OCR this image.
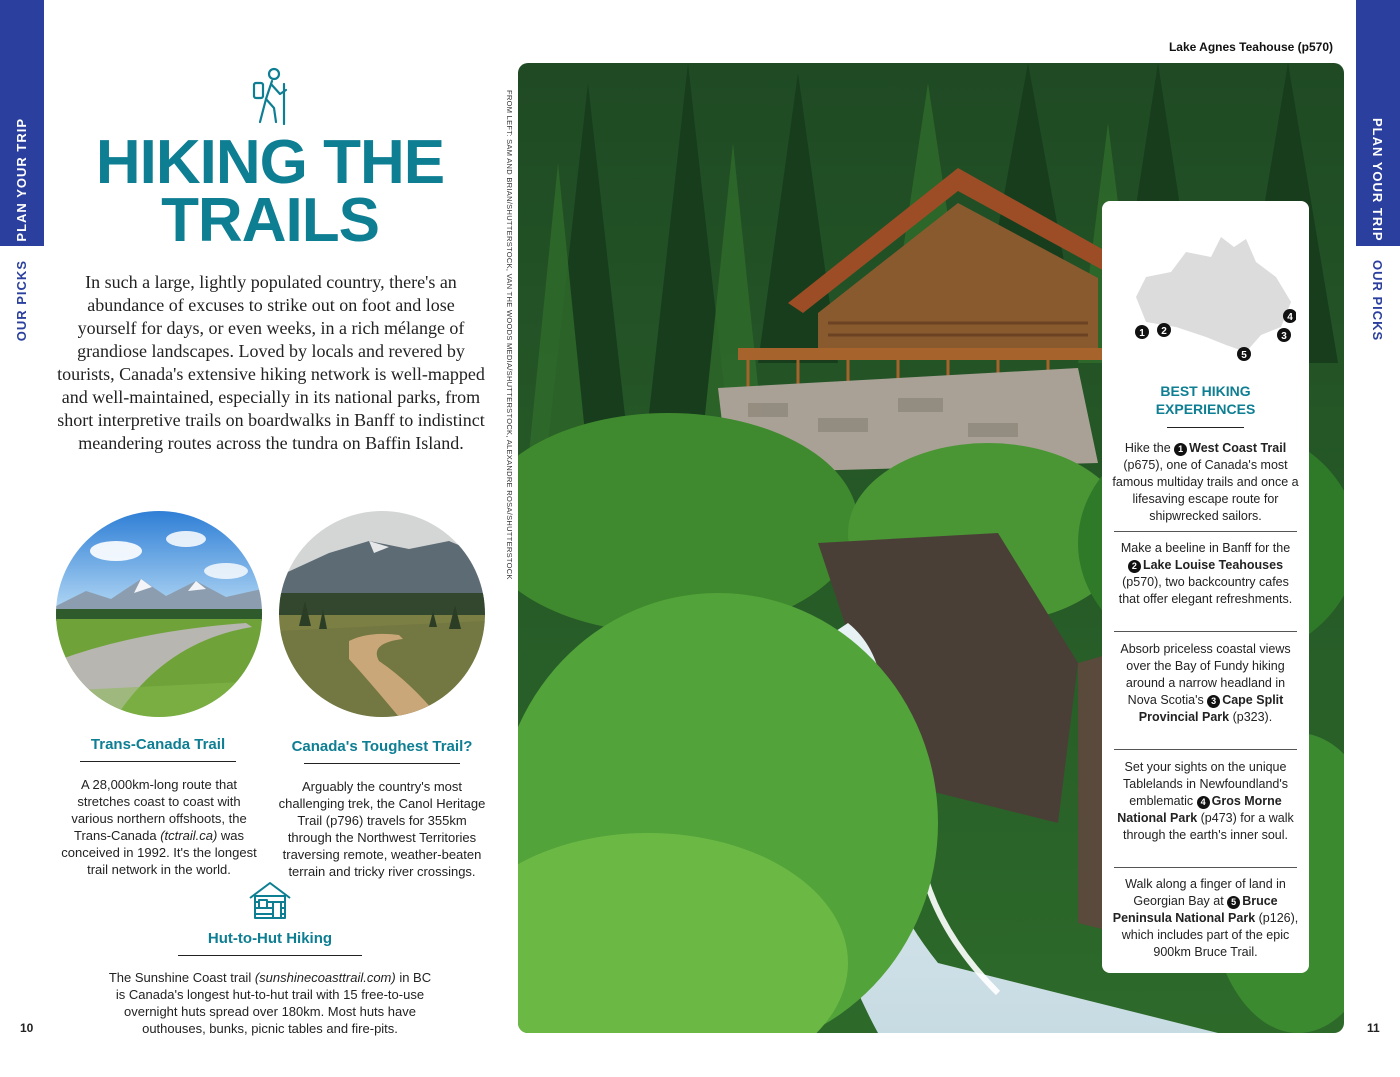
PLAN YOUR TRIP
OUR PICKS
PLAN YOUR TRIP
OUR PICKS
HIKING THE
TRAILS

In such a large, lightly populated country, there's an abundance of excuses to strike out on foot and lose yourself for days, or even weeks, in a rich mélange of grandiose landscapes. Loved by locals and revered by tourists, Canada's extensive hiking network is well-mapped and well-maintained, especially in its national parks, from short interpretive trails on boardwalks in Banff to indistinct meandering routes across the tundra on Baffin Island.

Trans-Canada Trail

A 28,000km-long route that stretches coast to coast with various northern offshoots, the Trans-Canada (tctrail.ca) was conceived in 1992. It's the longest trail network in the world.

Canada's Toughest Trail?

Arguably the country's most challenging trek, the Canol Heritage Trail (p796) travels for 355km through the Northwest Territories traversing remote, weather-beaten terrain and tricky river crossings.

Hut-to-Hut Hiking

The Sunshine Coast trail (sunshinecoasttrail.com) in BC is Canada's longest hut-to-hut trail with 15 free-to-use overnight huts spread over 180km. Most huts have outhouses, bunks, picnic tables and fire-pits.

10	11
FROM LEFT: SAM AND BRIAN/SHUTTERSTOCK, VAN THE WOODS MEDIA/SHUTTERSTOCK, ALEXANDRE ROSA/SHUTTERSTOCK
Lake Agnes Teahouse (p570)
1 2	3
4
5
BEST HIKING
EXPERIENCES

Hike the 1 West Coast Trail (p675), one of Canada's most famous multiday trails and once a lifesaving escape route for shipwrecked sailors.

Make a beeline in Banff for the 2 Lake Louise Teahouses (p570), two backcountry cafes that offer elegant refreshments.

Absorb priceless coastal views over the Bay of Fundy hiking around a narrow headland in Nova Scotia's 3 Cape Split Provincial Park (p323).

Set your sights on the unique Tablelands in Newfoundland's emblematic 4 Gros Morne National Park (p473) for a walk through the earth's inner soul.

Walk along a finger of land in Georgian Bay at 5 Bruce Peninsula National Park (p126), which includes part of the epic 900km Bruce Trail.
